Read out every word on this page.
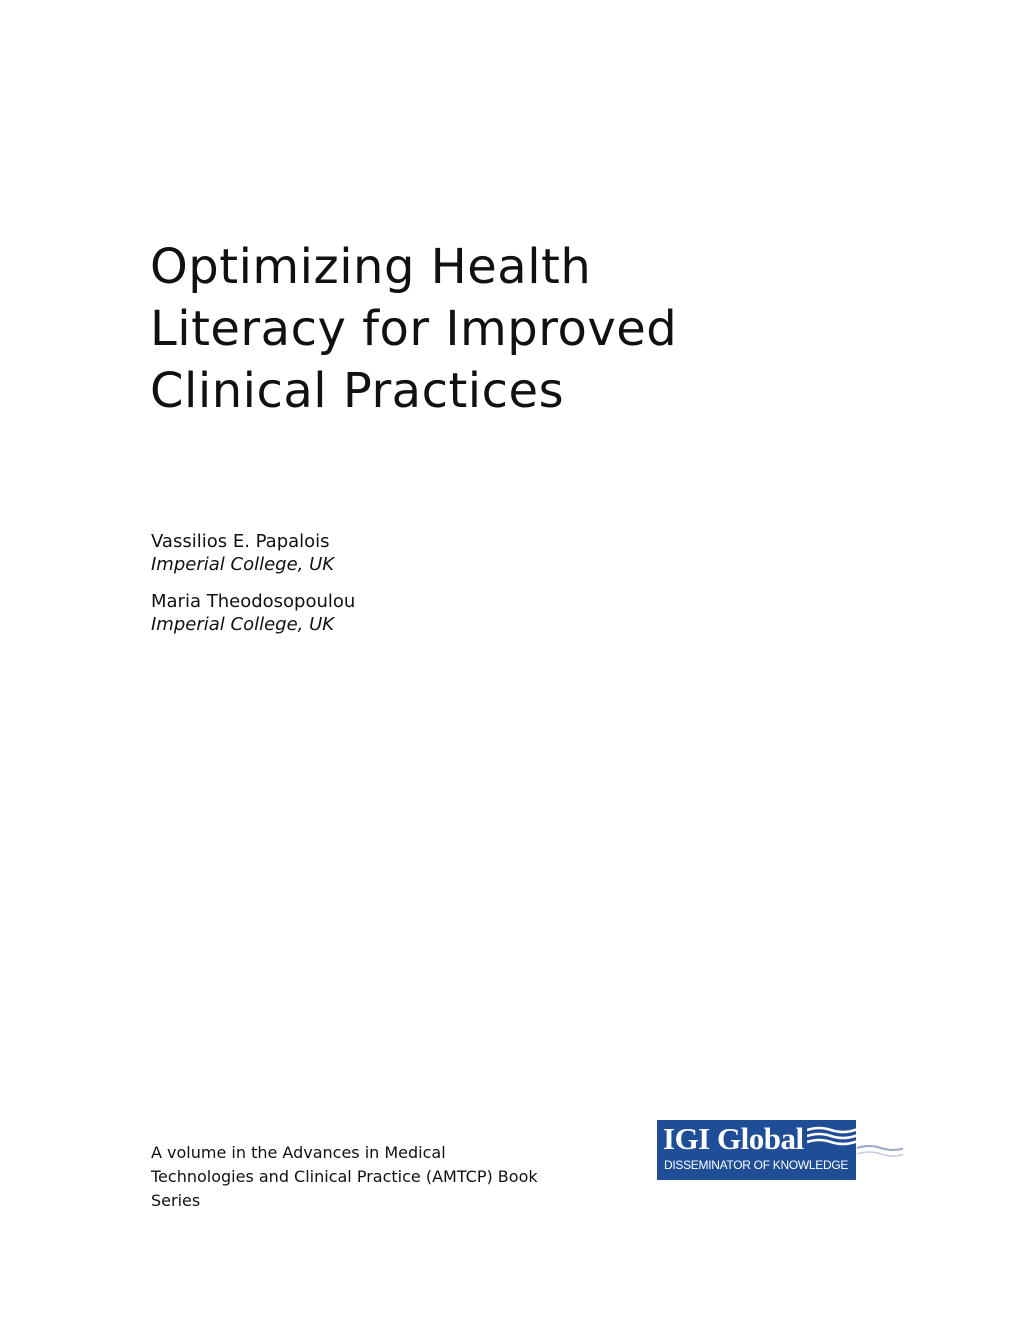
Optimizing Health
Literacy for Improved
Clinical Practices
Vassilios E. Papalois
Imperial College, UK
Maria Theodosopoulou
Imperial College, UK
A volume in the Advances in Medical
Technologies and Clinical Practice (AMTCP) Book
Series
IGI Global
DISSEMINATOR OF KNOWLEDGE
